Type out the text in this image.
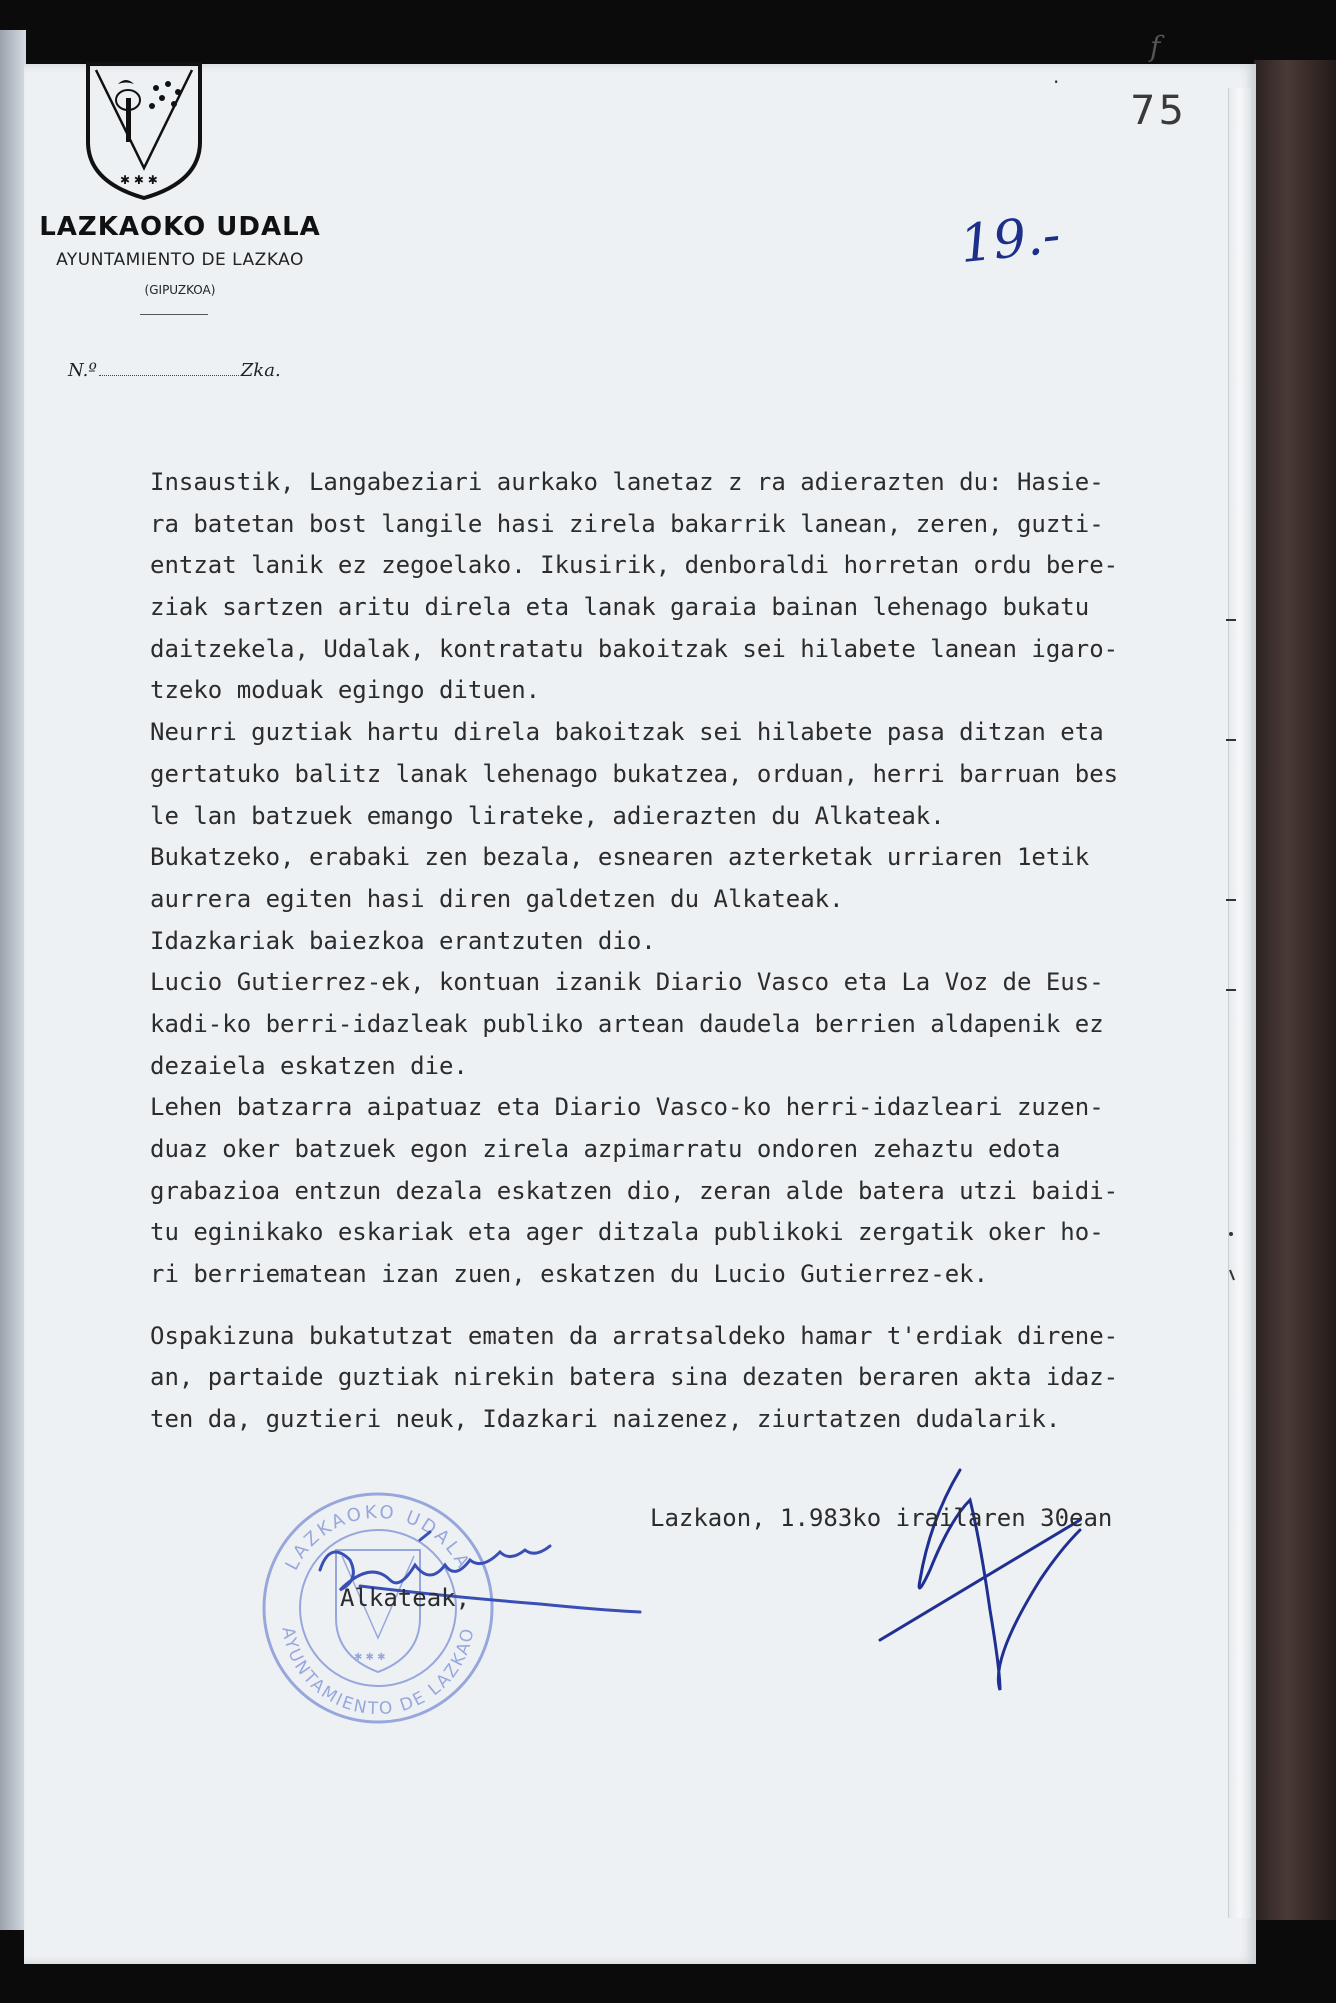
f
·
75
19.-
✱ ✱ ✱
LAZKAOKO UDALA
AYUNTAMIENTO DE LAZKAO
(GIPUZKOA)
N.º	Zka.
Insaustik, Langabeziari aurkako lanetaz z ra adierazten du: Hasie-
ra batetan bost langile hasi zirela bakarrik lanean, zeren, guzti-
entzat lanik ez zegoelako. Ikusirik, denboraldi horretan ordu bere-
ziak sartzen aritu direla eta lanak garaia bainan lehenago bukatu
daitzekela, Udalak, kontratatu bakoitzak sei hilabete lanean igaro-
tzeko moduak egingo dituen.
Neurri guztiak hartu direla bakoitzak sei hilabete pasa ditzan eta
gertatuko balitz lanak lehenago bukatzea, orduan, herri barruan bes
le lan batzuek emango lirateke, adierazten du Alkateak.
Bukatzeko, erabaki zen bezala, esnearen azterketak urriaren 1etik
aurrera egiten hasi diren galdetzen du Alkateak.
Idazkariak baiezkoa erantzuten dio.
Lucio Gutierrez-ek, kontuan izanik Diario Vasco eta La Voz de Eus-
kadi-ko berri-idazleak publiko artean daudela berrien aldapenik ez
dezaiela eskatzen die.
Lehen batzarra aipatuaz eta Diario Vasco-ko herri-idazleari zuzen-
duaz oker batzuek egon zirela azpimarratu ondoren zehaztu edota
grabazioa entzun dezala eskatzen dio, zeran alde batera utzi baidi-
tu eginikako eskariak eta ager ditzala publikoki zergatik oker ho-
ri berriematean izan zuen, eskatzen du Lucio Gutierrez-ek.
Ospakizuna bukatutzat ematen da arratsaldeko hamar t'erdiak direne-
an, partaide guztiak nirekin batera sina dezaten beraren akta idaz-
ten da, guztieri neuk, Idazkari naizenez, ziurtatzen dudalarik.
LAZKAOKO UDALA
AYUNTAMIENTO DE LAZKAO
✱ ✱ ✱
Lazkaon, 1.983ko irailaren 30ean
Alkateak,
